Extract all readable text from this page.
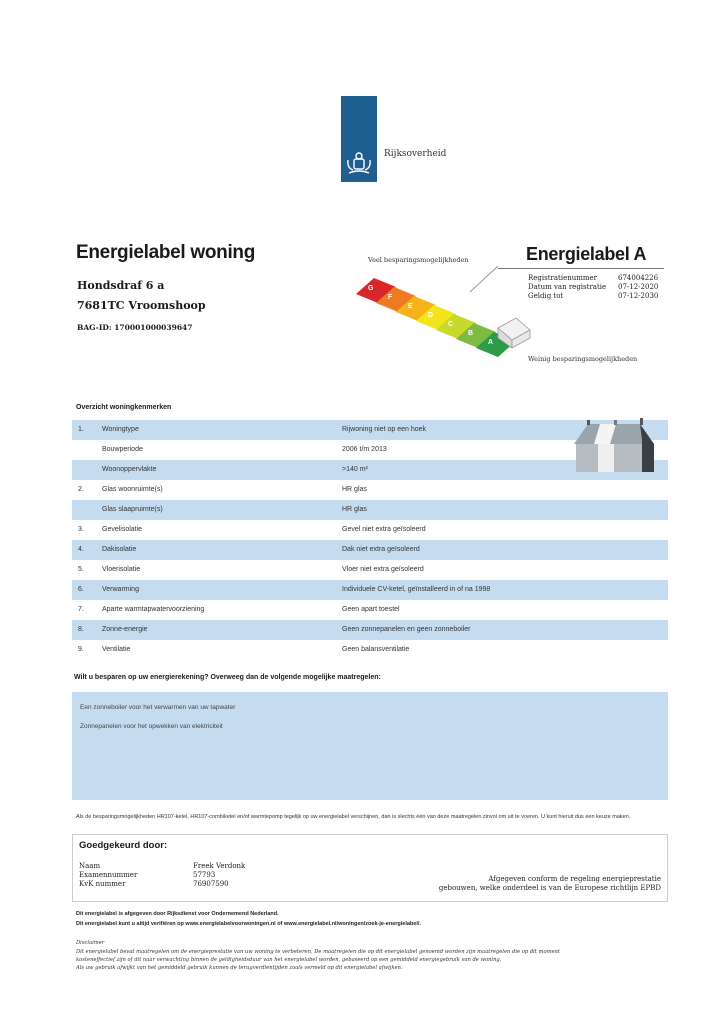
Rijksoverheid
Energielabel woning
Hondsdraf 6 a
7681TC Vroomshoop
BAG-ID: 170001000039647
Veel besparingsmogelijkheden
G
F
E
D
C
B
A
Weinig besparingsmogelijkheden
Energielabel A
Registratienummer	674004226
Datum van registratie 07-12-2020
Geldig tot	07-12-2030
Overzicht woningkenmerken
1.	Woningtype	Rijwoning niet op een hoek
Bouwperiode	2006 t/m 2013
Woonoppervlakte	>140 m²
2.	Glas woonruimte(s)	HR glas
Glas slaapruimte(s)	HR glas
3.	Gevelisolatie	Gevel niet extra geïsoleerd
4.	Dakisolatie	Dak niet extra geïsoleerd
5.	Vloerisolatie	Vloer niet extra geïsoleerd
6.	Verwarming	Individuele CV-ketel, geïnstalleerd in of na 1998
7.	Aparte warmtapwatervoorziening	Geen apart toestel
8.	Zonne-energie	Geen zonnepanelen en geen zonneboiler
9.	Ventilatie	Geen balansventilatie
Wilt u besparen op uw energierekening? Overweeg dan de volgende mogelijke maatregelen:
Een zonneboiler voor het verwarmen van uw tapwater
Zonnepanelen voor het opwekken van elektriciteit
Als de besparingsmogelijkheden HR107-ketel, HR107-combiketel en/of warmtepomp tegelijk op uw energielabel verschijnen, dan is slechts één van deze maatregelen zinvol om uit te voeren. U kunt hieruit dus een keuze maken.
Goedgekeurd door:
Naam	Freek Verdonk
Examennummer	57793
KvK nummer	76907590
Afgegeven conform de regeling energieprestatie
gebouwen, welke onderdeel is van de Europese richtlijn EPBD
Dit energielabel is afgegeven door Rijksdienst voor Ondernemend Nederland.
Dit energielabel kunt u altijd verifiëren op www.energielabelvoorwoningen.nl of www.energielabel.nl/woningen/zoek-je-energielabel/.
Disclaimer
Dit energielabel bevat maatregelen om de energieprestatie van uw woning te verbeteren. De maatregelen die op dit energielabel genoemd worden zijn maatregelen die op dit moment
kosteneffectief zijn of dit naar verwachting binnen de geldigheidsduur van het energielabel worden, gebaseerd op een gemiddeld energiegebruik van de woning.
Als uw gebruik afwijkt van het gemiddeld gebruik kunnen de terugverdientijden zoals vermeld op dit energielabel afwijken.
